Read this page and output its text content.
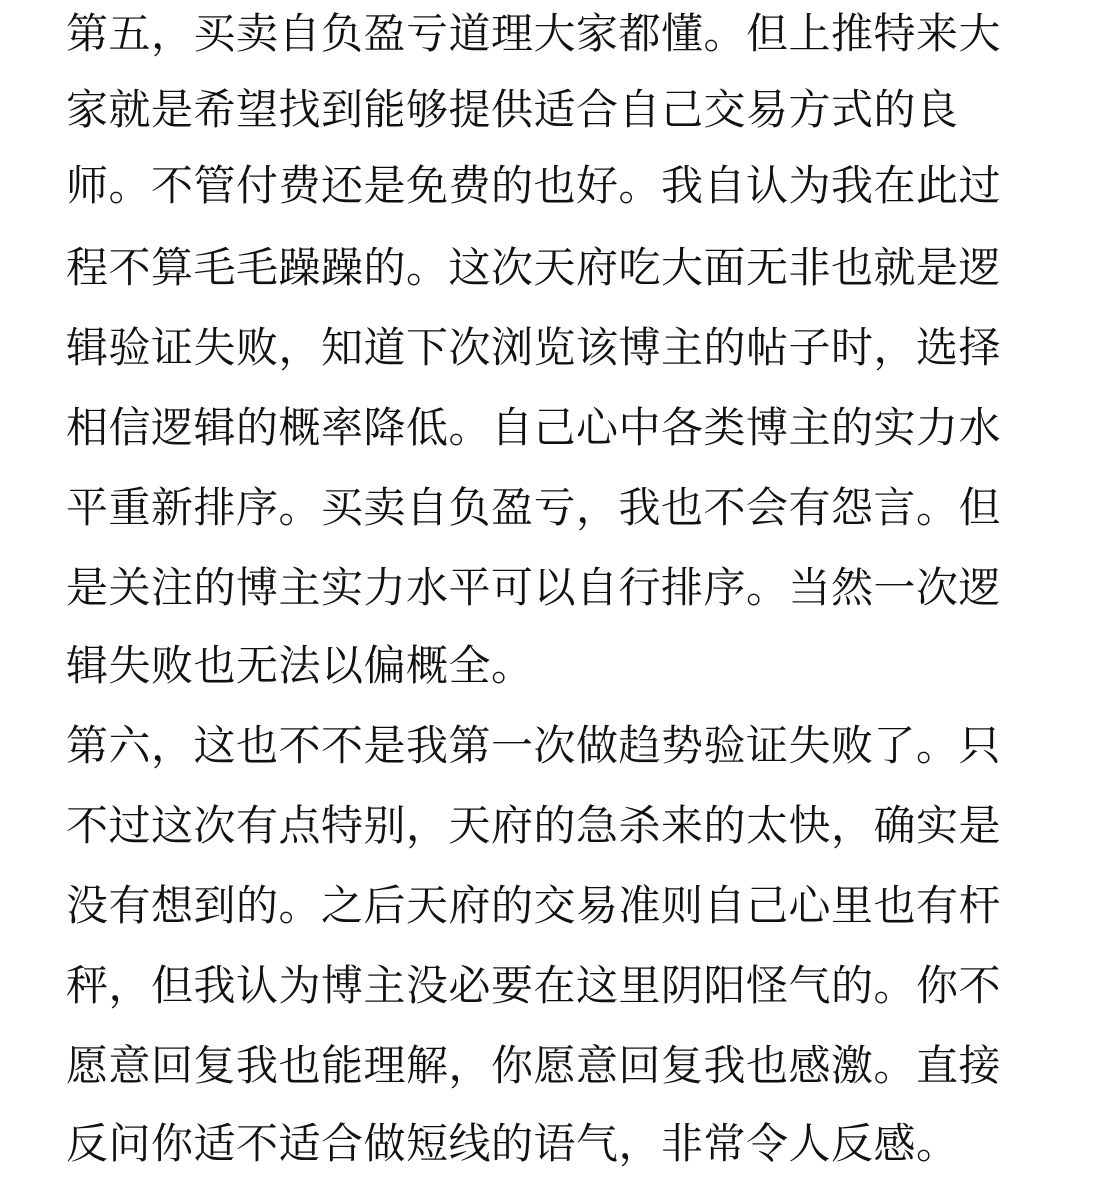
第五，买卖自负盈亏道理大家都懂。但上推特来大
家就是希望找到能够提供适合自己交易方式的良
师。不管付费还是免费的也好。我自认为我在此过
程不算毛毛躁躁的。这次天府吃大面无非也就是逻
辑验证失败，知道下次浏览该博主的帖子时，选择
相信逻辑的概率降低。自己心中各类博主的实力水
平重新排序。买卖自负盈亏，我也不会有怨言。但
是关注的博主实力水平可以自行排序。当然一次逻
辑失败也无法以偏概全。
第六，这也不不是我第一次做趋势验证失败了。只
不过这次有点特别，天府的急杀来的太快，确实是
没有想到的。之后天府的交易准则自己心里也有杆
秤，但我认为博主没必要在这里阴阳怪气的。你不
愿意回复我也能理解，你愿意回复我也感激。直接
反问你适不适合做短线的语气，非常令人反感。
